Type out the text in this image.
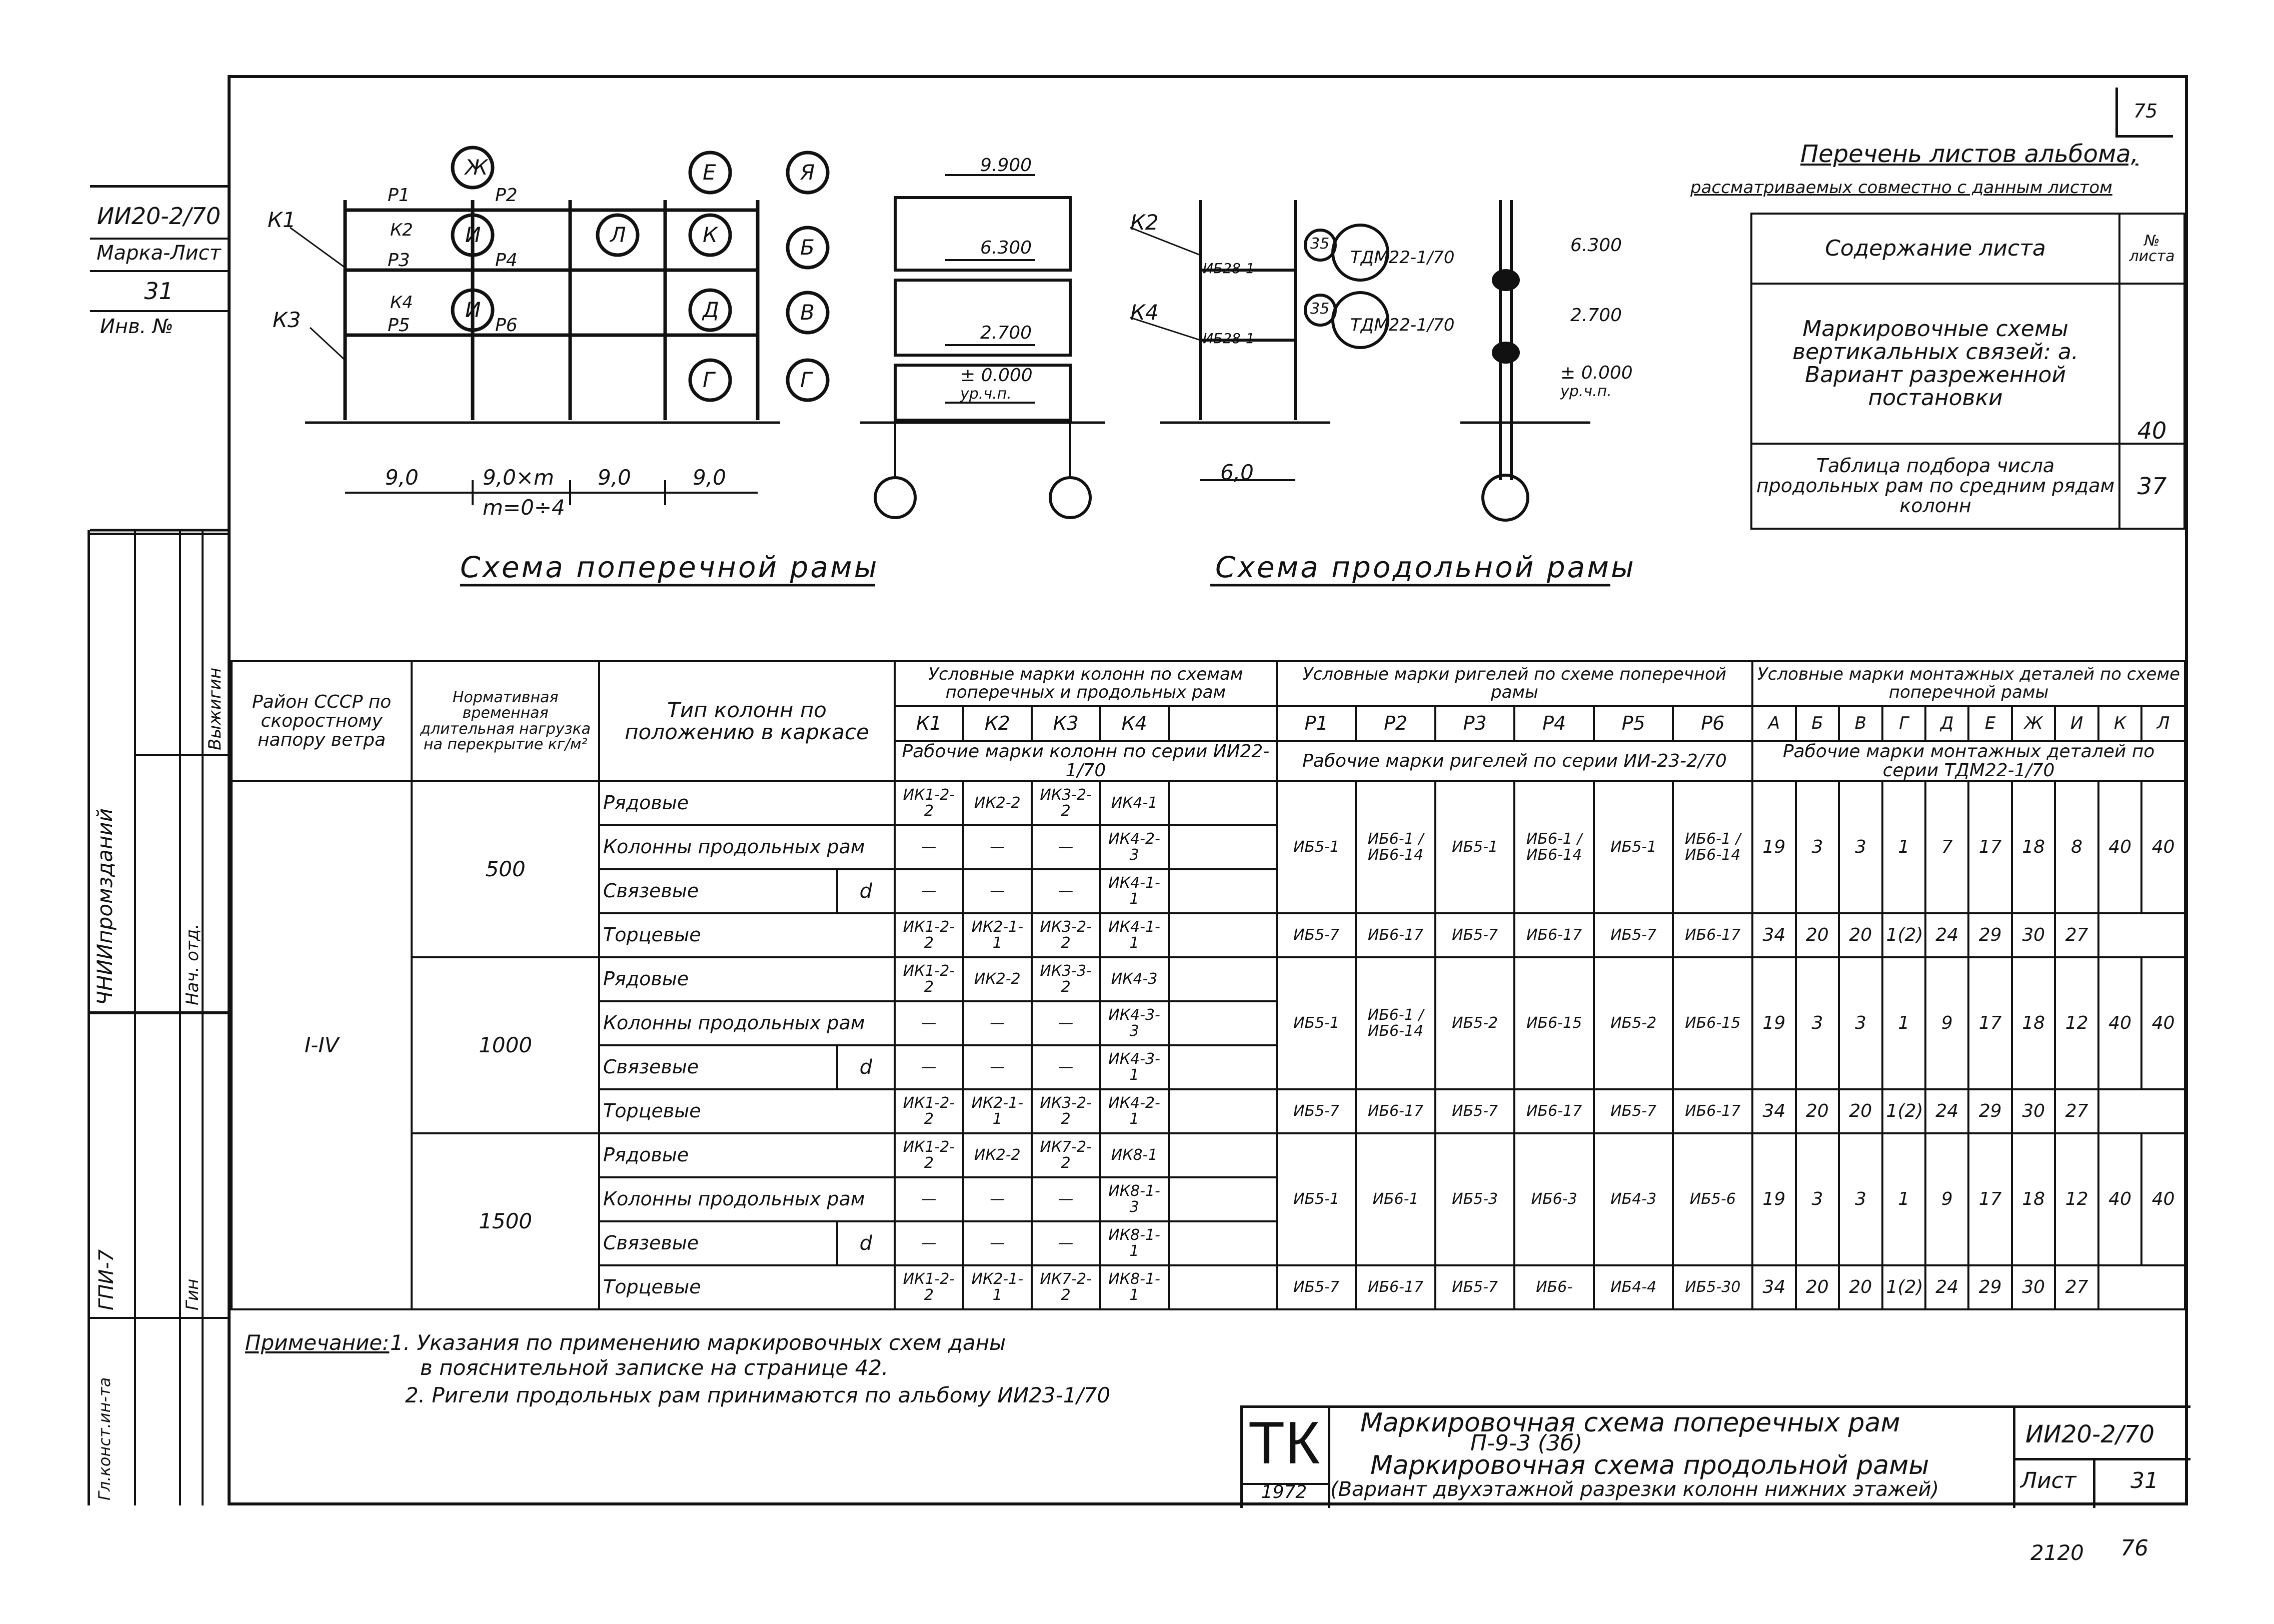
ИИ20-2/70
Марка-Лист
31
Инв. №
ЧНИИпромзданий
Выжигин
Нач. отд.
ГПИ-7	Гин
Гл.конст.ин-та
75
К1
К3
К2
К4
Р1	Р2
Р3	Р4
Р5	Р6
Ж
И
И
Л
Е
К
Д
Г
Я
Б
В
Г
9,0	9,0×m 9,0	9,0
m=0÷4
Схема поперечной рамы
9.900
6.300
2.700
± 0.000
ур.ч.п.
К2
К4
ИБ28-1
ИБ28-1
35
35
ТДМ22-1/70
ТДМ22-1/70
6,0
6.300
2.700
± 0.000
ур.ч.п.
Схема продольной рамы
Перечень листов альбома,
рассматриваемых совместно с данным листом
Содержание листа	№ листа
Маркировочные схемы вертикальных связей: а. Вариант разреженной постановки	40
Таблица подбора числа продольных рам по средним рядам колонн	37
Район СССР по скоростному напору ветра	Нормативная временная длительная нагрузка на перекрытие кг/м²	Тип колонн по положению в каркасе		Условные марки колонн по схемам поперечных и продольных рам					Условные марки ригелей по схеме поперечной рамы						Условные марки монтажных деталей по схеме поперечной рамы									
				К1	К2	К3	К4		Р1	Р2	Р3	Р4	Р5	Р6	А	Б	В	Г	Д	Е	Ж	И	К	Л
				Рабочие марки колонн по серии ИИ22-1/70					Рабочие марки ригелей по серии ИИ-23-2/70						Рабочие марки монтажных деталей по серии ТДМ22-1/70									
I-IV	500	Рядовые		ИК1-2-2	ИК2-2	ИК3-2-2	ИК4-1		ИБ5-1	ИБ6-1 / ИБ6-14	ИБ5-1	ИБ6-1 / ИБ6-14	ИБ5-1	ИБ6-1 / ИБ6-14	19	3	3	1	7	17	18	8	40	40
		Колонны продольных рам		—	—	—	ИК4-2-3																	
		Связевые	d	—	—	—	ИК4-1-1																	
		Торцевые		ИК1-2-2	ИК2-1-1	ИК3-2-2	ИК4-1-1		ИБ5-7	ИБ6-17	ИБ5-7	ИБ6-17	ИБ5-7	ИБ6-17	34	20	20	1(2)	24	29	30	27		
	1000	Рядовые		ИК1-2-2	ИК2-2	ИК3-3-2	ИК4-3		ИБ5-1	ИБ6-1 / ИБ6-14	ИБ5-2	ИБ6-15	ИБ5-2	ИБ6-15	19	3	3	1	9	17	18	12	40	40
		Колонны продольных рам		—	—	—	ИК4-3-3																	
		Связевые	d	—	—	—	ИК4-3-1																	
		Торцевые		ИК1-2-2	ИК2-1-1	ИК3-2-2	ИК4-2-1		ИБ5-7	ИБ6-17	ИБ5-7	ИБ6-17	ИБ5-7	ИБ6-17	34	20	20	1(2)	24	29	30	27		
	1500	Рядовые		ИК1-2-2	ИК2-2	ИК7-2-2	ИК8-1		ИБ5-1	ИБ6-1	ИБ5-3	ИБ6-3	ИБ4-3	ИБ5-6	19	3	3	1	9	17	18	12	40	40
		Колонны продольных рам		—	—	—	ИК8-1-3																	
		Связевые	d	—	—	—	ИК8-1-1																	
		Торцевые		ИК1-2-2	ИК2-1-1	ИК7-2-2	ИК8-1-1		ИБ5-7	ИБ6-17	ИБ5-7	ИБ6-	ИБ4-4	ИБ5-30	34	20	20	1(2)	24	29	30	27		
Примечание: 1. Указания по применению маркировочных схем даны
в пояснительной записке на странице 42.
2. Ригели продольных рам принимаются по альбому ИИ23-1/70
ТК
1972
Маркировочная схема поперечных рам
П-9-3 (3б)
Маркировочная схема продольной рамы
(Вариант двухэтажной разрезки колонн нижних этажей)
ИИ20-2/70
Лист 31
2120 76
